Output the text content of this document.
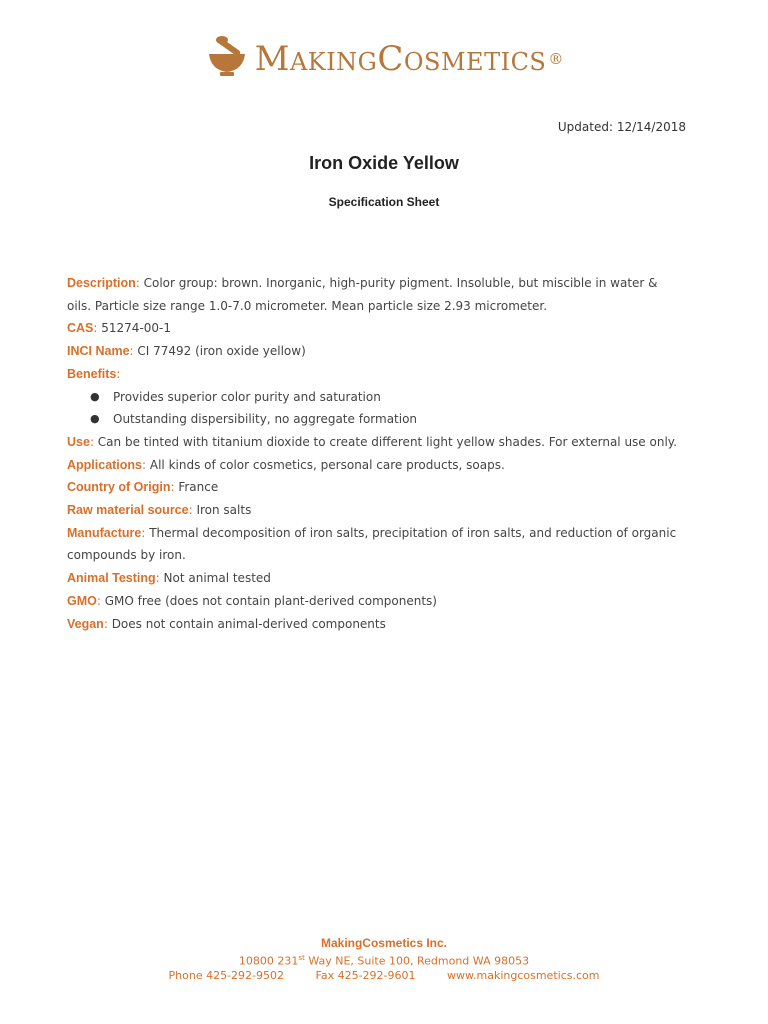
MakingCosmetics ®
Updated: 12/14/2018
Iron Oxide Yellow
Specification Sheet

Description: Color group: brown. Inorganic, high-purity pigment. Insoluble, but miscible in water & oils. Particle size range 1.0-7.0 micrometer. Mean particle size 2.93 micrometer.

CAS: 51274-00-1

INCI Name: CI 77492 (iron oxide yellow)

Benefits:

● Provides superior color purity and saturation
● Outstanding dispersibility, no aggregate formation

Use: Can be tinted with titanium dioxide to create different light yellow shades. For external use only.

Applications: All kinds of color cosmetics, personal care products, soaps.

Country of Origin: France

Raw material source: Iron salts

Manufacture: Thermal decomposition of iron salts, precipitation of iron salts, and reduction of organic compounds by iron.

Animal Testing: Not animal tested

GMO: GMO free (does not contain plant-derived components)

Vegan: Does not contain animal-derived components

MakingCosmetics Inc.
10800 231st Way NE, Suite 100, Redmond WA 98053
Phone 425-292-9502	Fax 425-292-9601	www.makingcosmetics.com
